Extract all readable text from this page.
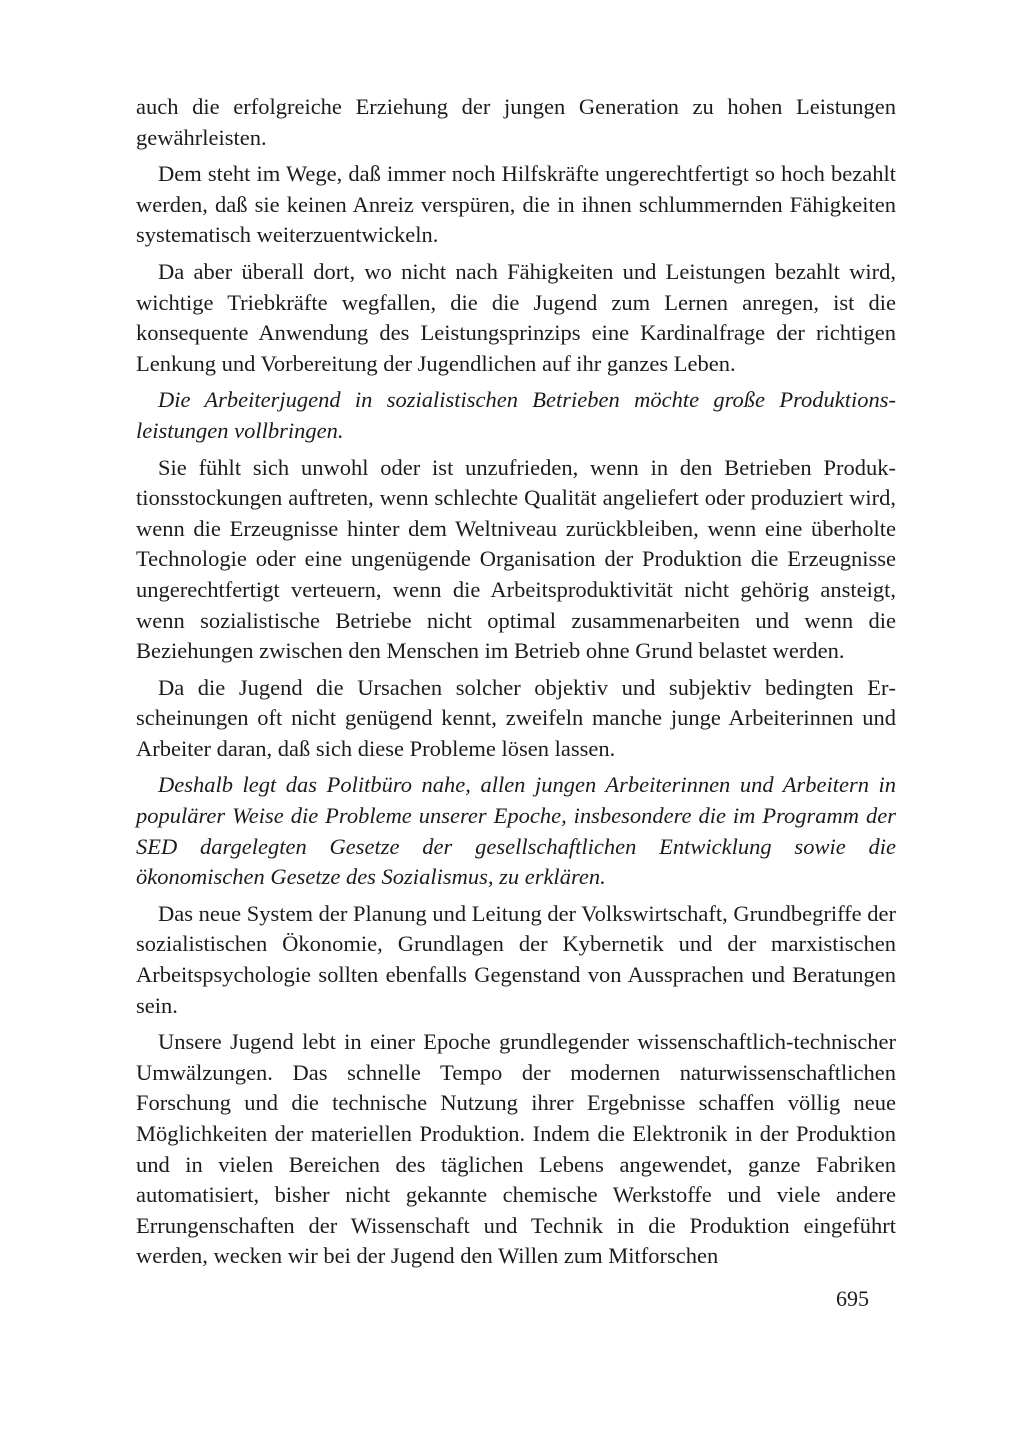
auch die erfolgreiche Erziehung der jungen Generation zu hohen Leistungen gewährleisten.

Dem steht im Wege, daß immer noch Hilfskräfte ungerechtfertigt so hoch bezahlt werden, daß sie keinen Anreiz verspüren, die in ihnen schlummernden Fähigkeiten systematisch weiterzuentwickeln.

Da aber überall dort, wo nicht nach Fähigkeiten und Leistungen bezahlt wird, wichtige Triebkräfte wegfallen, die die Jugend zum Lernen anregen, ist die konsequente Anwendung des Leistungsprinzips eine Kardinalfrage der richtigen Lenkung und Vorbereitung der Jugendlichen auf ihr ganzes Leben.

Die Arbeiterjugend in sozialistischen Betrieben möchte große Produktionsleistungen vollbringen.

Sie fühlt sich unwohl oder ist unzufrieden, wenn in den Betrieben Produktionsstockungen auftreten, wenn schlechte Qualität angeliefert oder produziert wird, wenn die Erzeugnisse hinter dem Weltniveau zurückbleiben, wenn eine überholte Technologie oder eine ungenügende Organisation der Produktion die Erzeugnisse ungerechtfertigt verteuern, wenn die Arbeitsproduktivität nicht gehörig ansteigt, wenn sozialistische Betriebe nicht optimal zusammenarbeiten und wenn die Beziehungen zwischen den Menschen im Betrieb ohne Grund belastet werden.

Da die Jugend die Ursachen solcher objektiv und subjektiv bedingten Erscheinungen oft nicht genügend kennt, zweifeln manche junge Arbeiterinnen und Arbeiter daran, daß sich diese Probleme lösen lassen.

Deshalb legt das Politbüro nahe, allen jungen Arbeiterinnen und Arbeitern in populärer Weise die Probleme unserer Epoche, insbesondere die im Programm der SED dargelegten Gesetze der gesellschaftlichen Entwicklung sowie die ökonomischen Gesetze des Sozialismus, zu erklären.

Das neue System der Planung und Leitung der Volkswirtschaft, Grundbegriffe der sozialistischen Ökonomie, Grundlagen der Kybernetik und der marxistischen Arbeitspsychologie sollten ebenfalls Gegenstand von Aussprachen und Beratungen sein.

Unsere Jugend lebt in einer Epoche grundlegender wissenschaftlich-technischer Umwälzungen. Das schnelle Tempo der modernen naturwissenschaftlichen Forschung und die technische Nutzung ihrer Ergebnisse schaffen völlig neue Möglichkeiten der materiellen Produktion. Indem die Elektronik in der Produktion und in vielen Bereichen des täglichen Lebens angewendet, ganze Fabriken automatisiert, bisher nicht gekannte chemische Werkstoffe und viele andere Errungenschaften der Wissenschaft und Technik in die Produktion eingeführt werden, wecken wir bei der Jugend den Willen zum Mitforschen

695
